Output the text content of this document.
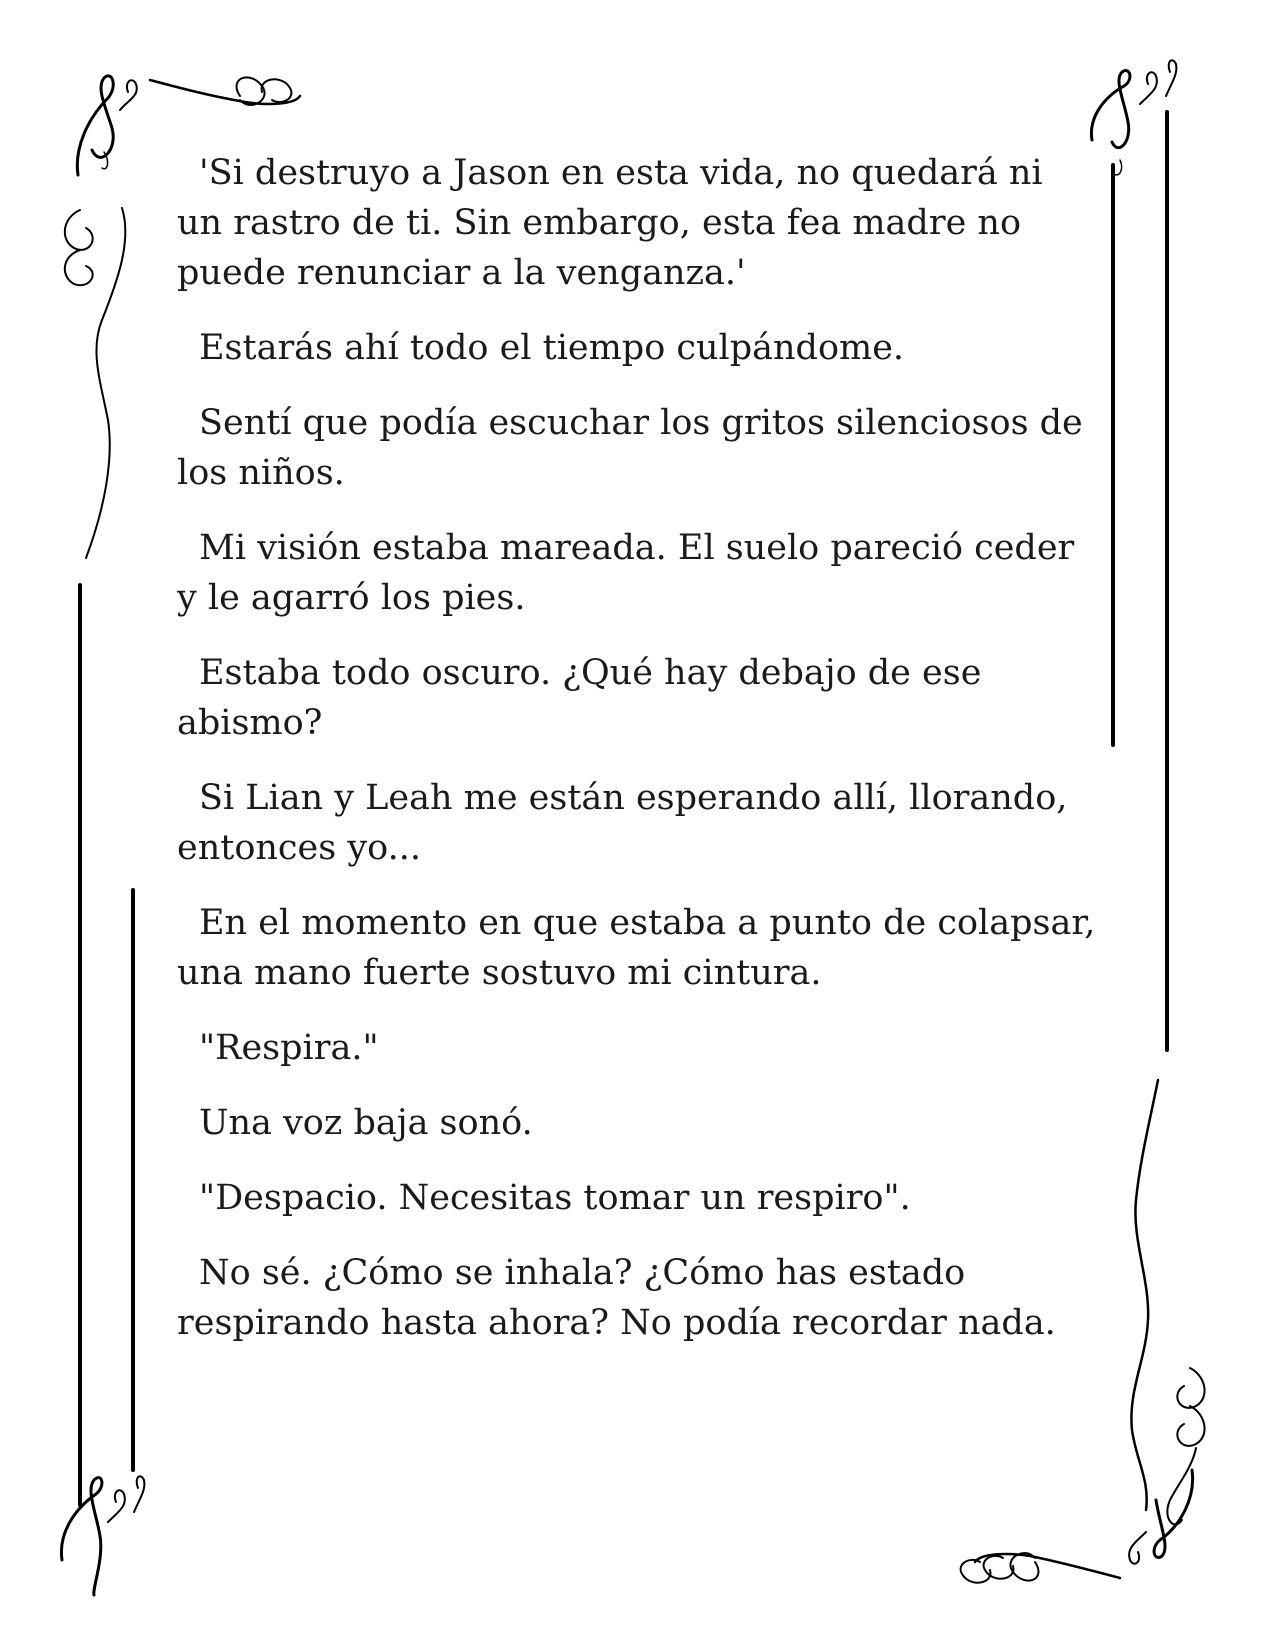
'Si destruyo a Jason en esta vida, no quedará ni un rastro de ti. Sin embargo, esta fea madre no puede renunciar a la venganza.'

Estarás ahí todo el tiempo culpándome.

Sentí que podía escuchar los gritos silenciosos de los niños.

Mi visión estaba mareada. El suelo pareció ceder y le agarró los pies.

Estaba todo oscuro. ¿Qué hay debajo de ese abismo?

Si Lian y Leah me están esperando allí, llorando, entonces yo...

En el momento en que estaba a punto de colapsar, una mano fuerte sostuvo mi cintura.

"Respira."

Una voz baja sonó.

"Despacio. Necesitas tomar un respiro".

No sé. ¿Cómo se inhala? ¿Cómo has estado respirando hasta ahora? No podía recordar nada.
